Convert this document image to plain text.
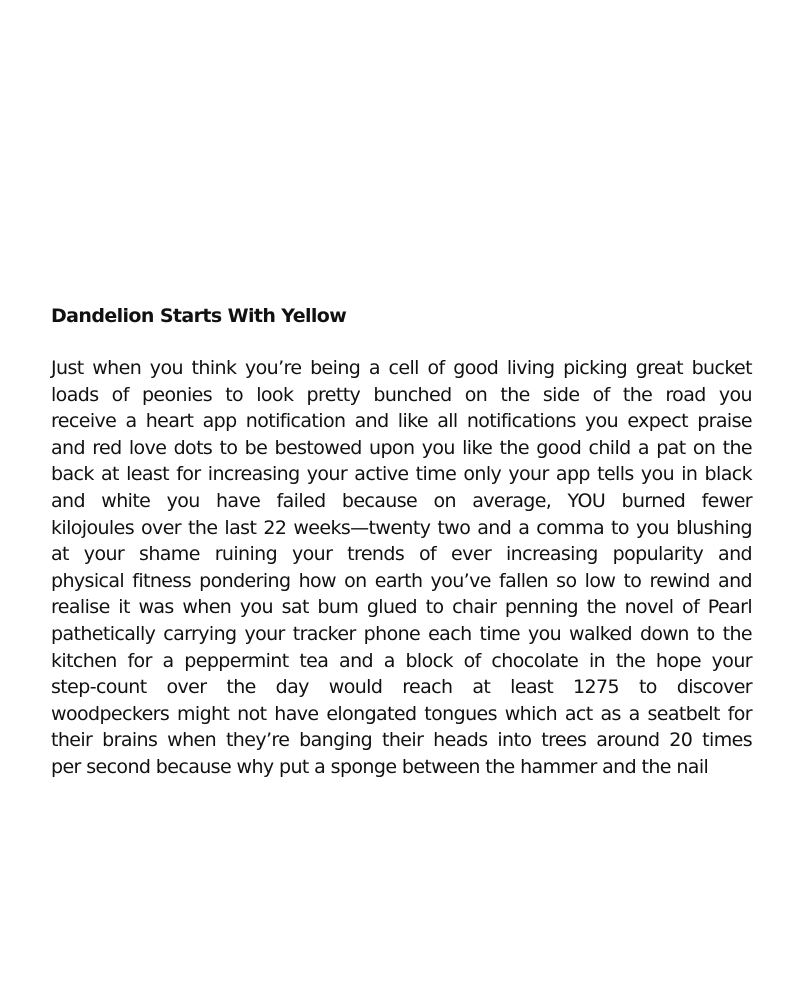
Dandelion Starts With Yellow
Just when you think you’re being a cell of good living picking great bucket
loads of peonies to look pretty bunched on the side of the road you
receive a heart app notification and like all notifications you expect praise
and red love dots to be bestowed upon you like the good child a pat on the
back at least for increasing your active time only your app tells you in black
and white you have failed because on average, YOU burned fewer
kilojoules over the last 22 weeks—twenty two and a comma to you blushing
at your shame ruining your trends of ever increasing popularity and
physical fitness pondering how on earth you’ve fallen so low to rewind and
realise it was when you sat bum glued to chair penning the novel of Pearl
pathetically carrying your tracker phone each time you walked down to the
kitchen for a peppermint tea and a block of chocolate in the hope your
step-count over the day would reach at least 1275 to discover
woodpeckers might not have elongated tongues which act as a seatbelt for
their brains when they’re banging their heads into trees around 20 times
per second because why put a sponge between the hammer and the nail
